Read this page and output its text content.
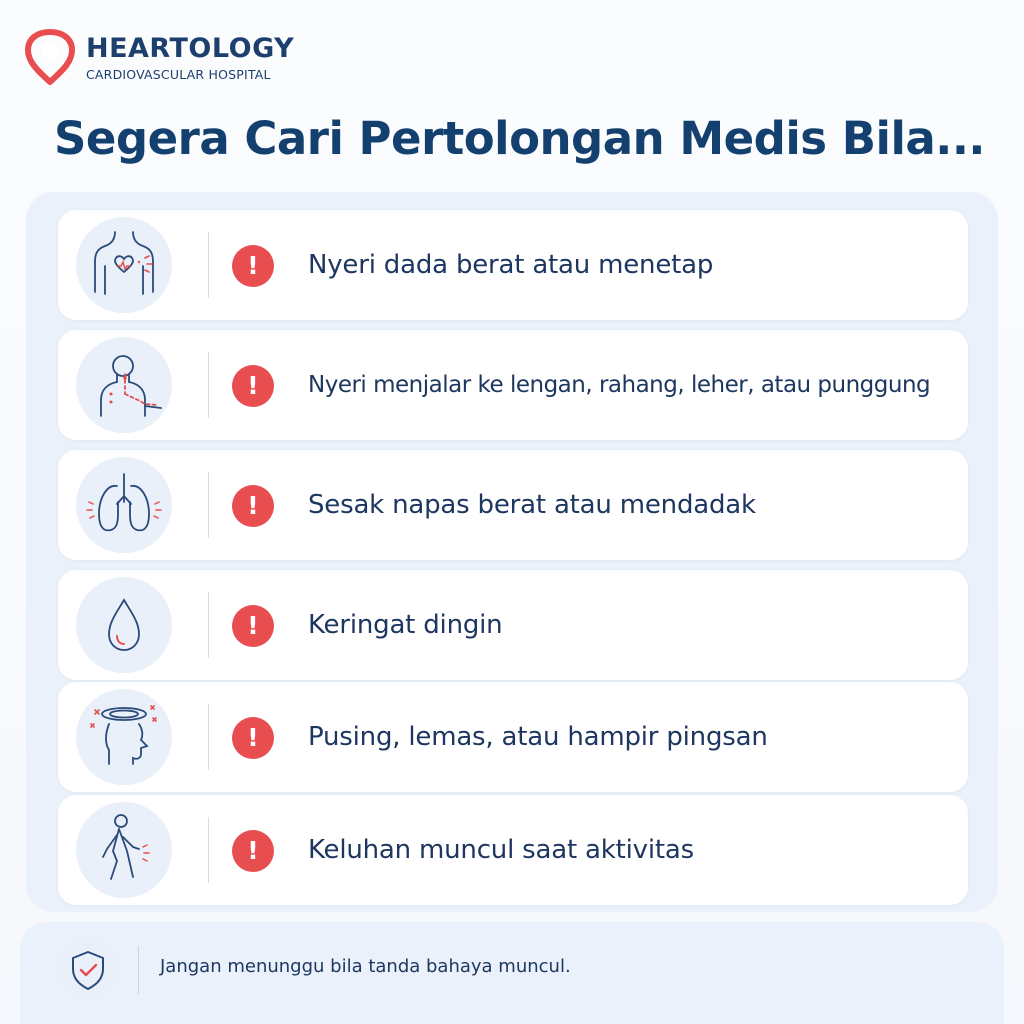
HEARTOLOGY
CARDIOVASCULAR HOSPITAL
Segera Cari Pertolongan Medis Bila...
!	Nyeri dada berat atau menetap
!	Nyeri menjalar ke lengan, rahang, leher, atau punggung
!	Sesak napas berat atau mendadak
!	Keringat dingin
!	Pusing, lemas, atau hampir pingsan
!	Keluhan muncul saat aktivitas
Jangan menunggu bila tanda bahaya muncul.
